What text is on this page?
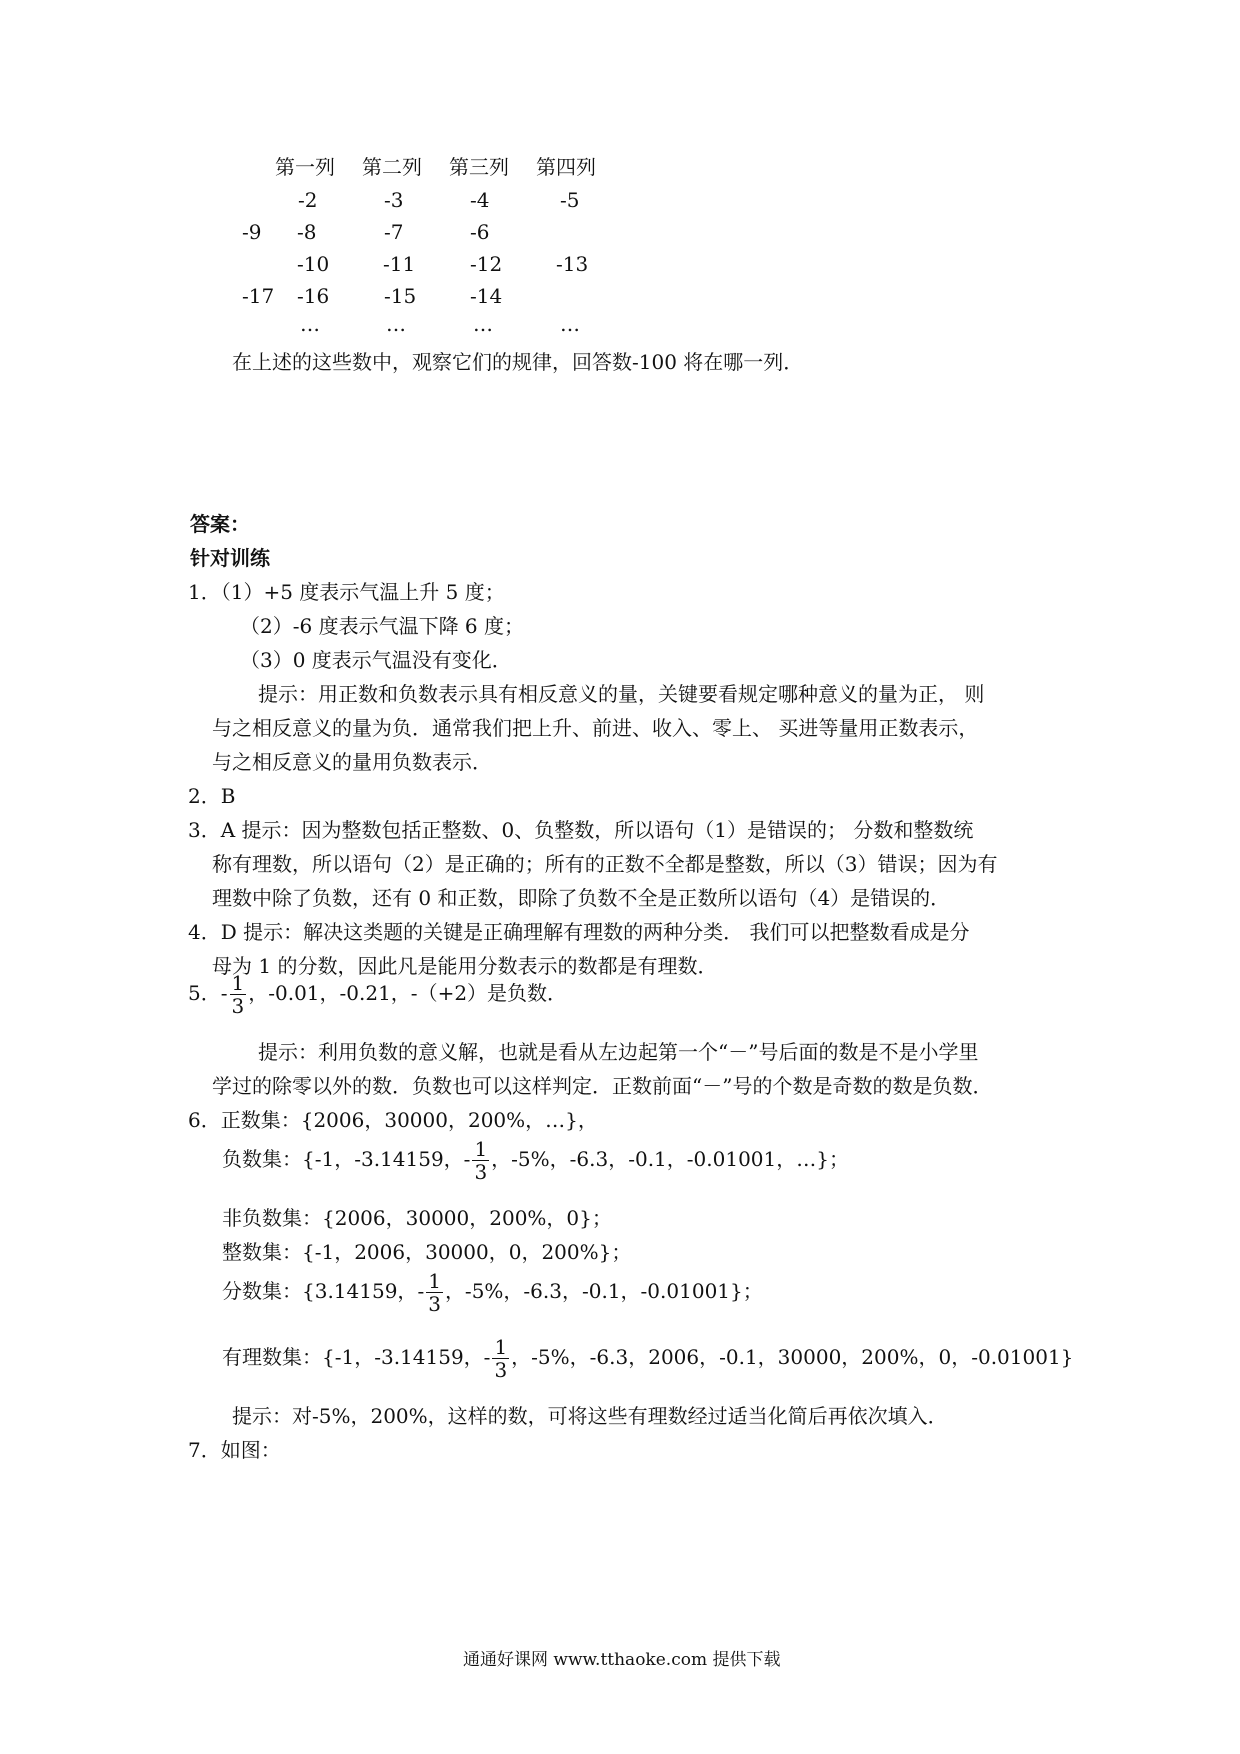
第一列 第二列 第三列 第四列
-2	-3	-4	-5
-9 -8	-7	-6
-10	-11	-12	-13
-17 -16	-15	-14
…	…	…	…
在上述的这些数中，观察它们的规律，回答数-100 将在哪一列．
答案：
针对训练
1．（1）+5 度表示气温上升 5 度；
（2）-6 度表示气温下降 6 度；
（3）0 度表示气温没有变化．
提示：用正数和负数表示具有相反意义的量，关键要看规定哪种意义的量为正， 则
与之相反意义的量为负．通常我们把上升、前进、收入、零上、 买进等量用正数表示，
与之相反意义的量用负数表示．
2．B
3．A 提示：因为整数包括正整数、0、负整数，所以语句（1）是错误的； 分数和整数统
称有理数，所以语句（2）是正确的；所有的正数不全都是整数，所以（3）错误；因为有
理数中除了负数，还有 0 和正数，即除了负数不全是正数所以语句（4）是错误的．
4．D 提示：解决这类题的关键是正确理解有理数的两种分类． 我们可以把整数看成是分
母为 1 的分数，因此凡是能用分数表示的数都是有理数．
5．- $\frac{1}{3}$ ，-0.01，-0.21，-（+2）是负数．
提示：利用负数的意义解，也就是看从左边起第一个“－”号后面的数是不是小学里
学过的除零以外的数．负数也可以这样判定．正数前面“－”号的个数是奇数的数是负数．
6．正数集：{2006，30000，200%，…}，
负数集：{-1，-3.14159，- $\frac{1}{3}$ ，-5%，-6.3，-0.1，-0.01001，…}；
非负数集：{2006，30000，200%，0}；
整数集：{-1，2006，30000，0，200%}；
分数集：{3.14159，- $\frac{1}{3}$ ，-5%，-6.3，-0.1，-0.01001}；
有理数集：{-1，-3.14159，- $\frac{1}{3}$ ，-5%，-6.3，2006，-0.1，30000，200%，0，-0.01001}
提示：对-5%，200%，这样的数，可将这些有理数经过适当化简后再依次填入．
7．如图：
通通好课网 www.tthaoke.com 提供下载
